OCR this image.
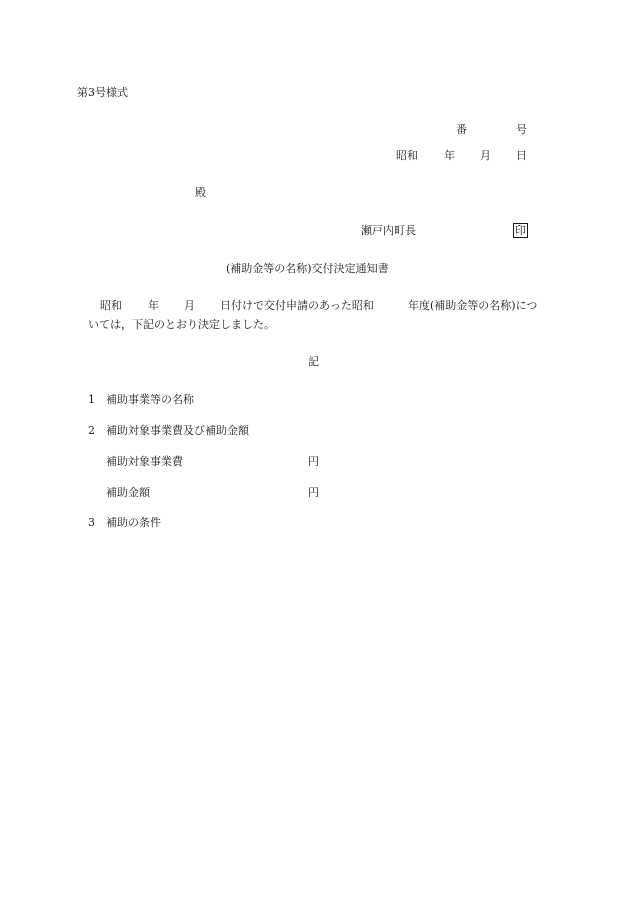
第3号様式
番	号
昭和 年 月 日
殿
瀬戸内町長	印
(補助金等の名称)交付決定通知書
昭和 年 月 日付けで交付申請のあった昭和	年度(補助金等の名称)につ
いては，下記のとおり決定しました。
記
1 補助事業等の名称
2 補助対象事業費及び補助金額
補助対象事業費	円
補助金額	円
3 補助の条件
